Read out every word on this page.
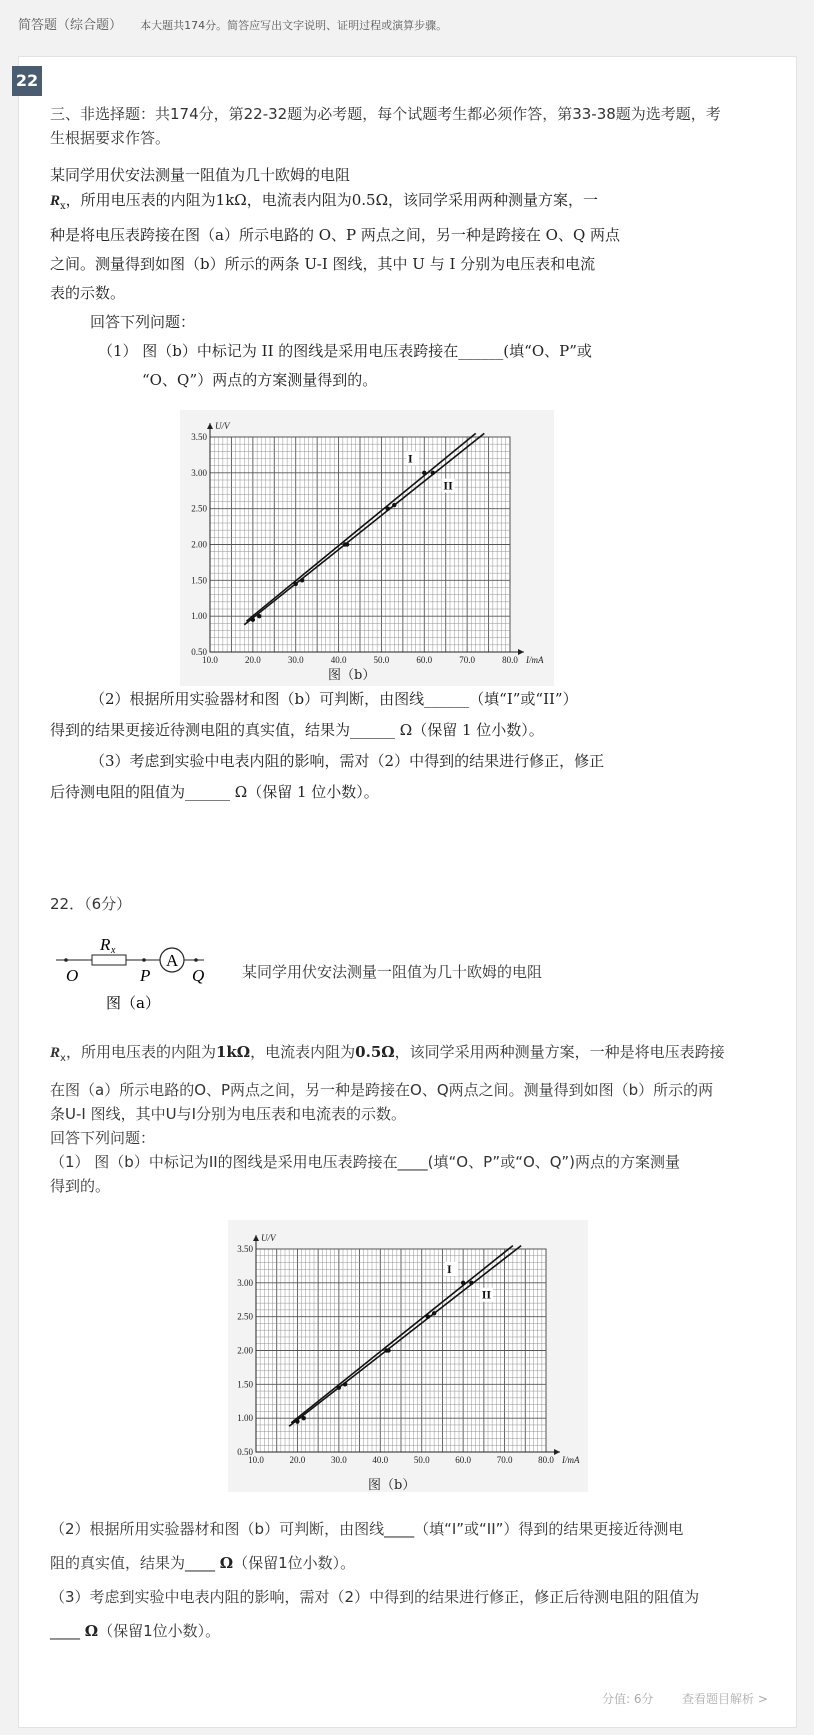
简答题（综合题） 本大题共174分。简答应写出文字说明、证明过程或演算步骤。
22
三、非选择题：共174分，第22-32题为必考题，每个试题考生都必须作答，第33-38题为选考题，考
生根据要求作答。
某同学用伏安法测量一阻值为几十欧姆的电阻
$R_x$，所用电压表的内阻为1kΩ，电流表内阻为0.5Ω，该同学采用两种测量方案，一
种是将电压表跨接在图（a）所示电路的 O、P 两点之间，另一种是跨接在 O、Q 两点
之间。测量得到如图（b）所示的两条 U-I 图线，其中 U 与 I 分别为电压表和电流
表的示数。
回答下列问题：
（1） 图（b）中标记为 II 的图线是采用电压表跨接在______(填“O、P”或
“O、Q”）两点的方案测量得到的。
10.0	20.0	30.0	40.0	50.0	60.0	70.0	80.0
0.50
1.00
1.50
2.00
2.50
3.00
3.50
I/mA
U/V
I
II
图（b）
（2）根据所用实验器材和图（b）可判断，由图线______（填“I”或“II”）
得到的结果更接近待测电阻的真实值，结果为______ Ω（保留 1 位小数）。
（3）考虑到实验中电表内阻的影响，需对（2）中得到的结果进行修正，修正
后待测电阻的阻值为______ Ω（保留 1 位小数）。
22．（6分）
R x
A
O	P Q
图（a）
某同学用伏安法测量一阻值为几十欧姆的电阻
$R_x$，所用电压表的内阻为1kΩ，电流表内阻为0.5Ω，该同学采用两种测量方案，一种是将电压表跨接
在图（a）所示电路的O、P两点之间，另一种是跨接在O、Q两点之间。测量得到如图（b）所示的两
条U-I 图线，其中U与I分别为电压表和电流表的示数。
回答下列问题：
（1） 图（b）中标记为II的图线是采用电压表跨接在____(填“O、P”或“O、Q”)两点的方案测量
得到的。
10.0	20.0	30.0	40.0	50.0	60.0	70.0	80.0
0.50
1.00
1.50
2.00
2.50
3.00
3.50
I/mA
U/V
I
II
图（b）
（2）根据所用实验器材和图（b）可判断，由图线____（填“I”或“II”）得到的结果更接近待测电
阻的真实值，结果为____ Ω（保留1位小数）。
（3）考虑到实验中电表内阻的影响，需对（2）中得到的结果进行修正，修正后待测电阻的阻值为
____ Ω（保留1位小数）。
分值: 6分 查看题目解析 >
